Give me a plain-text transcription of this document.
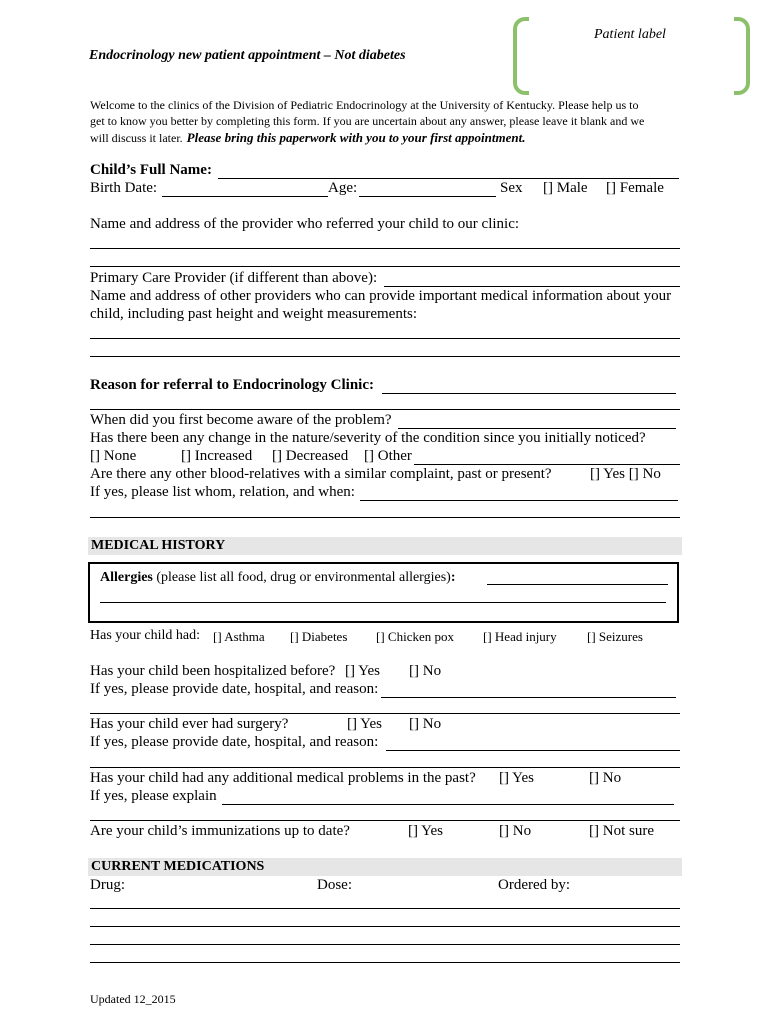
Patient label
Endocrinology new patient appointment – Not diabetes
Welcome to the clinics of the Division of Pediatric Endocrinology at the University of Kentucky. Please help us to
get to know you better by completing this form. If you are uncertain about any answer, please leave it blank and we
will discuss it later. Please bring this paperwork with you to your first appointment.
Child’s Full Name:
Birth Date:	Age:	Sex [] Male [] Female
Name and address of the provider who referred your child to our clinic:
Primary Care Provider (if different than above):
Name and address of other providers who can provide important medical information about your
child, including past height and weight measurements:
Reason for referral to Endocrinology Clinic:
When did you first become aware of the problem?
Has there been any change in the nature/severity of the condition since you initially noticed?
[] None	[] Increased [] Decreased [] Other
Are there any other blood-relatives with a similar complaint, past or present?	[] Yes [] No
If yes, please list whom, relation, and when:
MEDICAL HISTORY
Allergies (please list all food, drug or environmental allergies):
Has your child had: [] Asthma [] Diabetes [] Chicken pox [] Head injury [] Seizures
Has your child been hospitalized before? [] Yes [] No
If yes, please provide date, hospital, and reason:
Has your child ever had surgery?	[] Yes [] No
If yes, please provide date, hospital, and reason:
Has your child had any additional medical problems in the past? [] Yes	[] No
If yes, please explain
Are your child’s immunizations up to date?	[] Yes	[] No	[] Not sure
CURRENT MEDICATIONS
Drug:	Dose:	Ordered by:
Updated 12_2015
